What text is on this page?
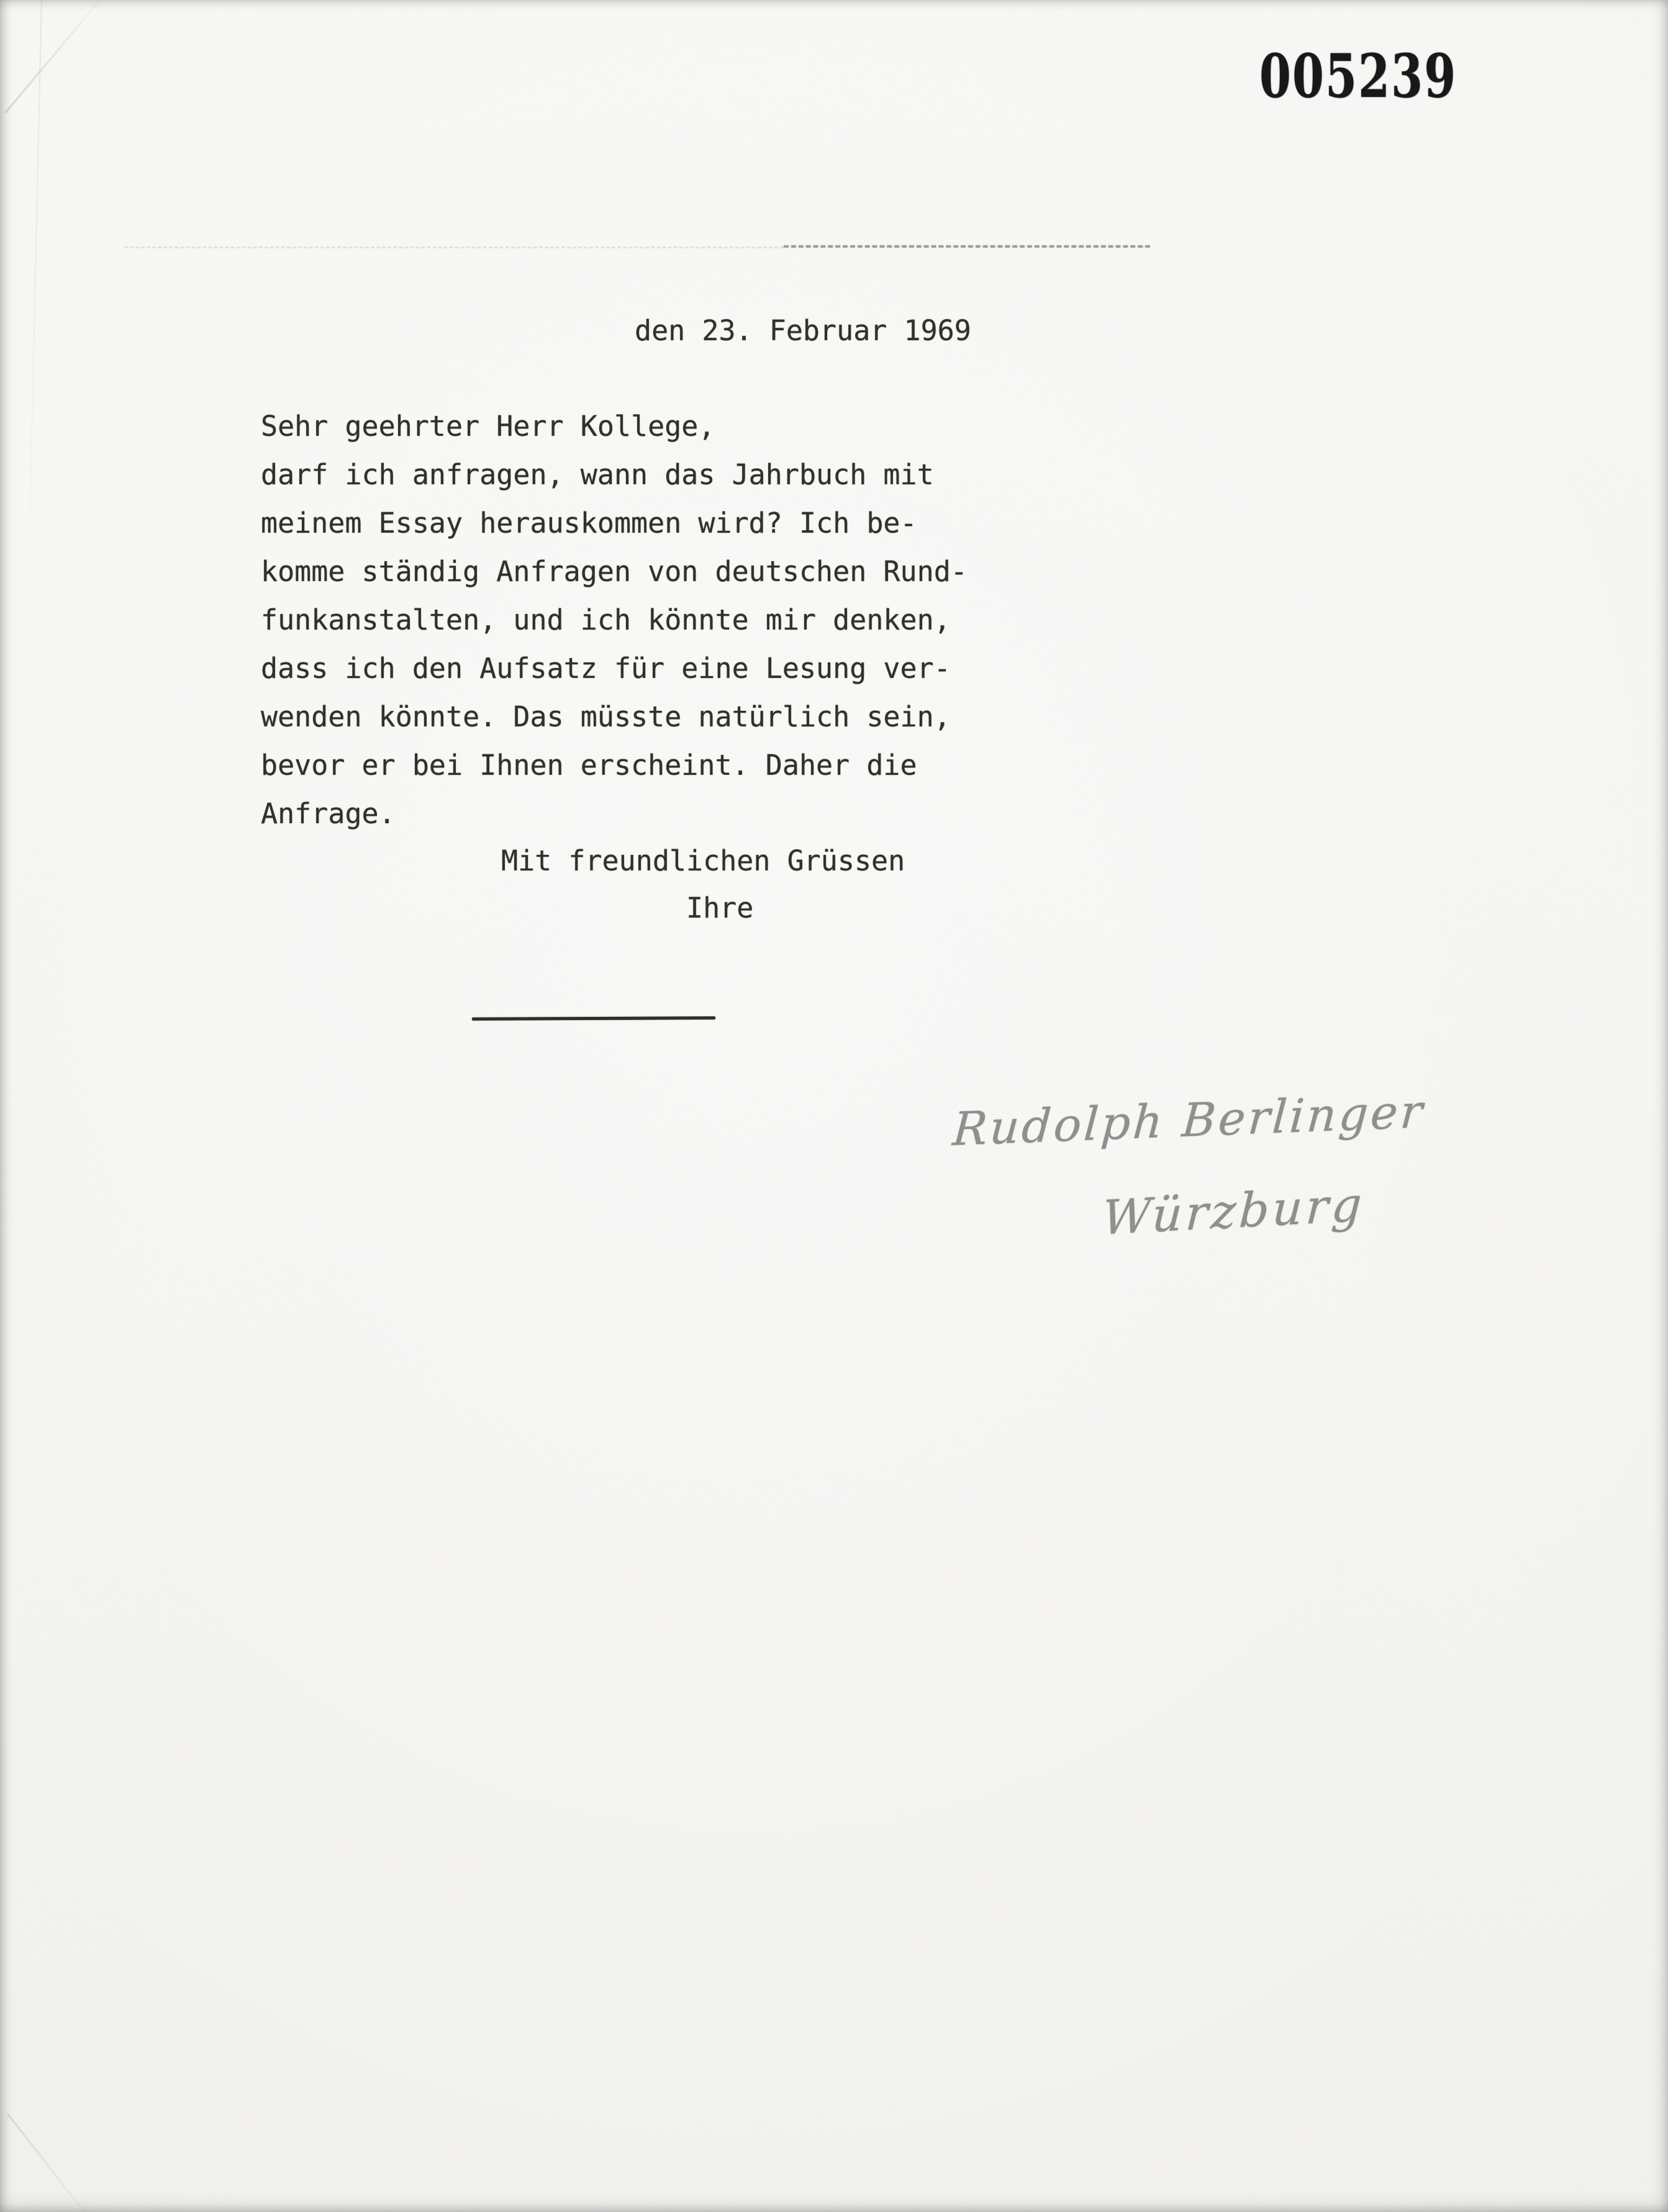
005239
den 23. Februar 1969
Sehr geehrter Herr Kollege,
darf ich anfragen, wann das Jahrbuch mit
meinem Essay herauskommen wird? Ich be-
komme ständig Anfragen von deutschen Rund-
funkanstalten, und ich könnte mir denken,
dass ich den Aufsatz für eine Lesung ver-
wenden könnte. Das müsste natürlich sein,
bevor er bei Ihnen erscheint. Daher die
Anfrage.
Mit freundlichen Grüssen
Ihre
Rudolph Berlinger
Würzburg
